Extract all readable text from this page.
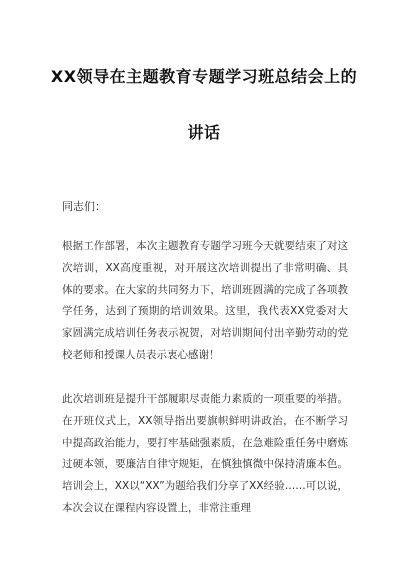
XX领导在主题教育专题学习班总结会上的
讲话
同志们：
根据工作部署，本次主题教育专题学习班今天就要结束了对这次培训，XX高度重视，对开展这次培训提出了非常明确、具体的要求。在大家的共同努力下，培训班圆满的完成了各项教学任务，达到了预期的培训效果。这里，我代表XX党委对大家圆满完成培训任务表示祝贺，对培训期间付出辛勤劳动的党校老师和授课人员表示衷心感谢！
此次培训班是提升干部履职尽责能力素质的一项重要的举措。在开班仪式上，XX领导指出要旗帜鲜明讲政治，在不断学习中提高政治能力，要打牢基础强素质，在急难险重任务中磨炼过硬本领，要廉洁自律守规矩，在慎独慎微中保持清廉本色。培训会上，XX以“XX”为题给我们分享了XX经验……可以说，本次会议在课程内容设置上，非常注重理
